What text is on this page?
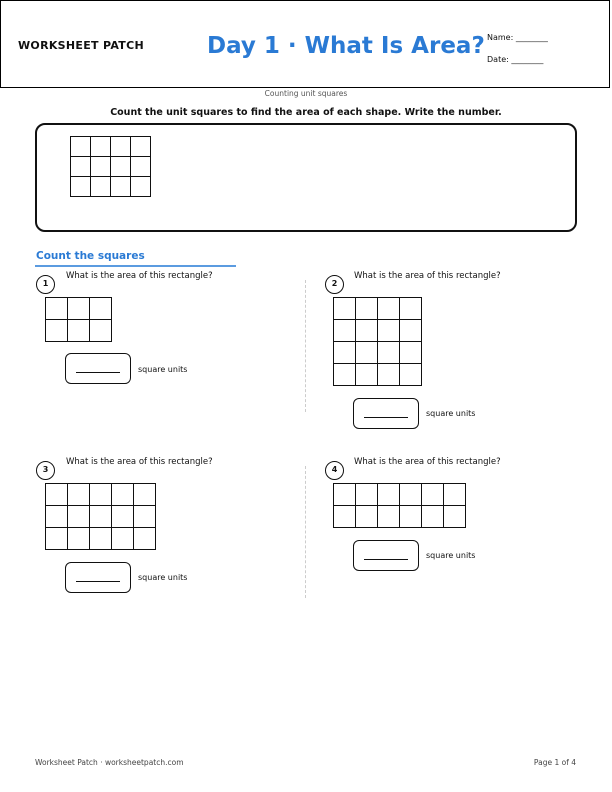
WORKSHEET PATCH	Day 1 · What Is Area? Name: ________
Date: ________
Counting unit squares
Count the unit squares to find the area of each shape. Write the number.
Count the squares
1
What is the area of this rectangle?
square units
2
What is the area of this rectangle?
square units
3
What is the area of this rectangle?
square units
4
What is the area of this rectangle?
square units
Worksheet Patch · worksheetpatch.com	Page 1 of 4
